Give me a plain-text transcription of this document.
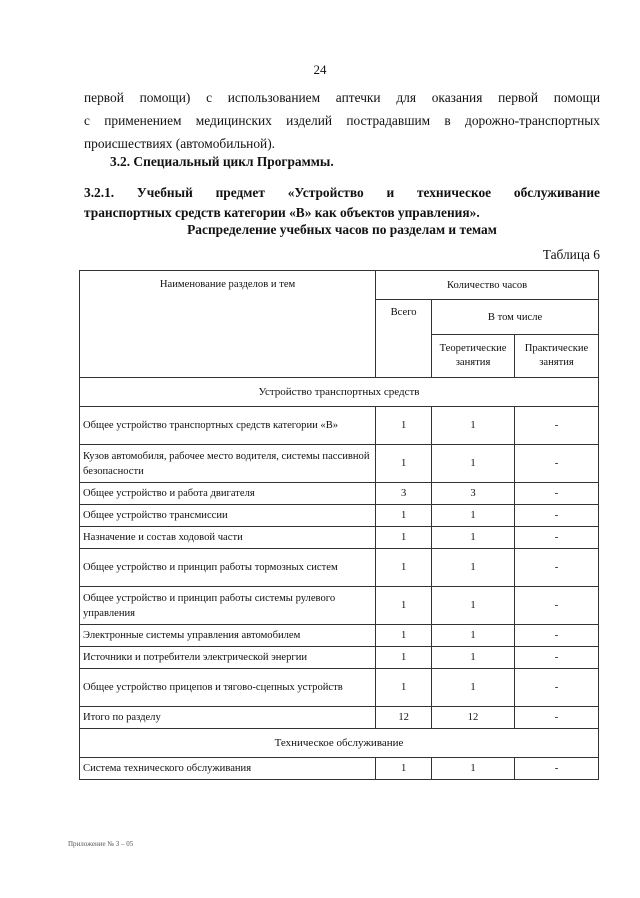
24
первой помощи) с использованием аптечки для оказания первой помощи
с применением медицинских изделий пострадавшим в дорожно-транспортных
происшествиях (автомобильной).
3.2. Специальный цикл Программы.
3.2.1. Учебный предмет «Устройство и техническое обслуживание
транспортных средств категории «В» как объектов управления».
Распределение учебных часов по разделам и темам
Таблица 6
Наименование разделов и тем	Количество часов		
	Всего	В том числе	
		Теоретические занятия	Практические занятия
Устройство транспортных средств			
Общее устройство транспортных средств категории «В»	1	1	-
Кузов автомобиля, рабочее место водителя, системы пассивной безопасности	1	1	-
Общее устройство и работа двигателя	3	3	-
Общее устройство трансмиссии	1	1	-
Назначение и состав ходовой части	1	1	-
Общее устройство и принцип работы тормозных систем	1	1	-
Общее устройство и принцип работы системы рулевого управления	1	1	-
Электронные системы управления автомобилем	1	1	-
Источники и потребители электрической энергии	1	1	-
Общее устройство прицепов и тягово-сцепных устройств	1	1	-
Итого по разделу	12	12	-
Техническое обслуживание			
Система технического обслуживания	1	1	-
Приложение № 3 – 05
